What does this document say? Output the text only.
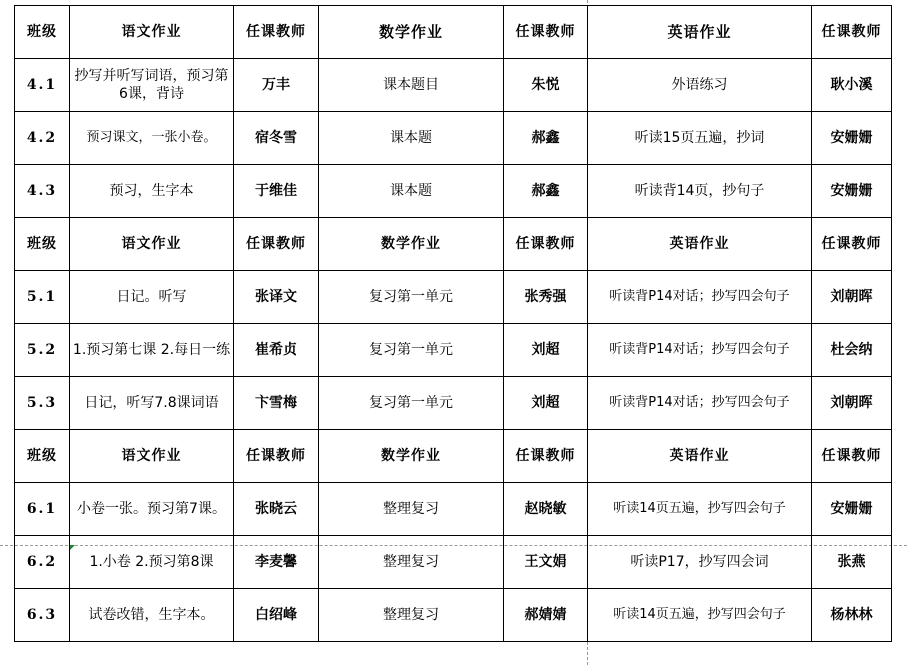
班级	语文作业	任课教师	数学作业	任课教师	英语作业	任课教师
4.1	抄写并听写词语，预习第6课，背诗	万丰	课本题目	朱悦	外语练习	耿小溪
4.2	预习课文，一张小卷。	宿冬雪	课本题	郝鑫	听读15页五遍，抄词	安姗姗
4.3	预习，生字本	于维佳	课本题	郝鑫	听读背14页，抄句子	安姗姗
班级	语文作业	任课教师	数学作业	任课教师	英语作业	任课教师
5.1	日记。听写	张译文	复习第一单元	张秀强	听读背P14对话；抄写四会句子	刘朝晖
5.2	1.预习第七课 2.每日一练	崔希贞	复习第一单元	刘超	听读背P14对话；抄写四会句子	杜会纳
5.3	日记，听写7.8课词语	卞雪梅	复习第一单元	刘超	听读背P14对话；抄写四会句子	刘朝晖
班级	语文作业	任课教师	数学作业	任课教师	英语作业	任课教师
6.1	小卷一张。预习第7课。	张晓云	整理复习	赵晓敏	听读14页五遍，抄写四会句子	安姗姗
6.2	1.小卷 2.预习第8课	李麦馨	整理复习	王文娟	听读P17，抄写四会词	张燕
6.3	试卷改错，生字本。	白绍峰	整理复习	郝婧婧	听读14页五遍，抄写四会句子	杨林林
